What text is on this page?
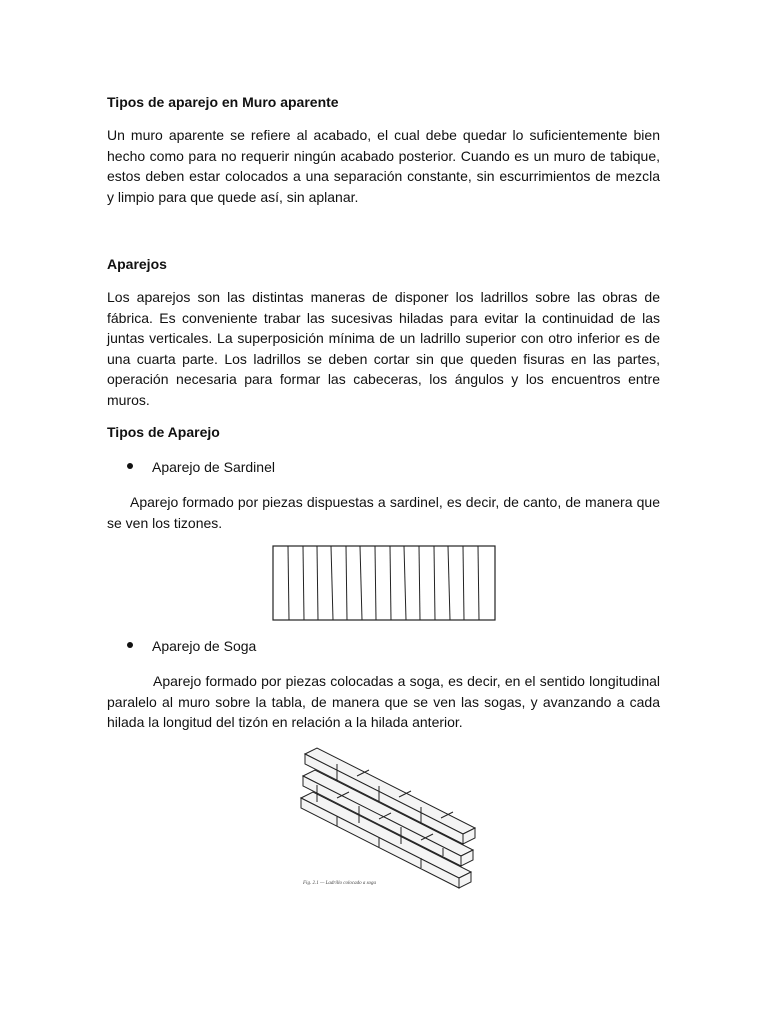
Tipos de aparejo en Muro aparente
Un muro aparente se refiere al acabado, el cual debe quedar lo suficientemente bien hecho como para no requerir ningún acabado posterior. Cuando es un muro de tabique, estos deben estar colocados a una separación constante, sin escurrimientos de mezcla y limpio para que quede así, sin aplanar.
Aparejos
Los aparejos son las distintas maneras de disponer los ladrillos sobre las obras de fábrica. Es conveniente trabar las sucesivas hiladas para evitar la continuidad de las juntas verticales. La superposición mínima de un ladrillo superior con otro inferior es de una cuarta parte. Los ladrillos se deben cortar sin que queden fisuras en las partes, operación necesaria para formar las cabeceras, los ángulos y los encuentros entre muros.
Tipos de Aparejo
Aparejo de Sardinel
Aparejo formado por piezas dispuestas a sardinel, es decir, de canto, de manera que se ven los tizones.
Aparejo de Soga
Aparejo formado por piezas colocadas a soga, es decir, en el sentido longitudinal paralelo al muro sobre la tabla, de manera que se ven las sogas, y avanzando a cada hilada la longitud del tizón en relación a la hilada anterior.
Fig. 2.1 — Ladrillo colocado a soga
